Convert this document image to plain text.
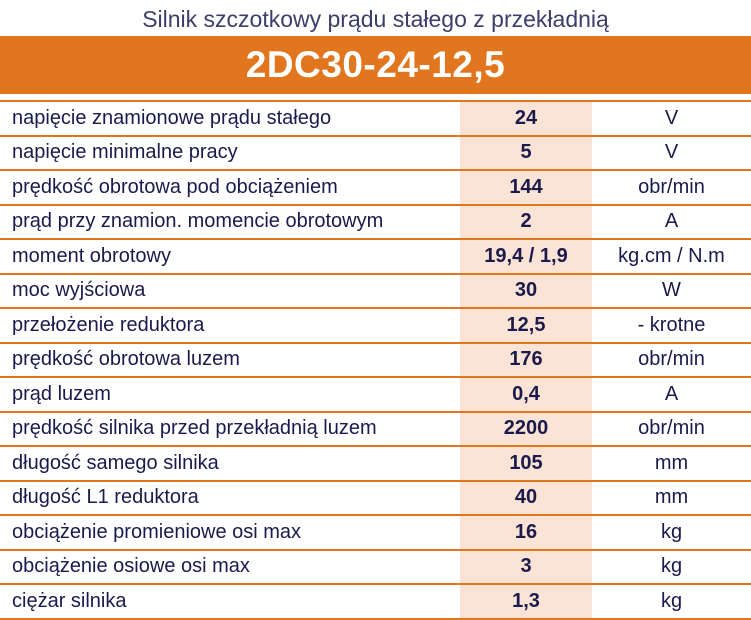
Silnik szczotkowy prądu stałego z przekładnią
2DC30-24-12,5
napięcie znamionowe prądu stałego	24	V
napięcie minimalne pracy	5	V
prędkość obrotowa pod obciążeniem	144	obr/min
prąd przy znamion. momencie obrotowym	2	A
moment obrotowy	19,4 / 1,9	kg.cm / N.m
moc wyjściowa	30	W
przełożenie reduktora	12,5	- krotne
prędkość obrotowa luzem	176	obr/min
prąd luzem	0,4	A
prędkość silnika przed przekładnią luzem	2200	obr/min
długość samego silnika	105	mm
długość L1 reduktora	40	mm
obciążenie promieniowe osi max	16	kg
obciążenie osiowe osi max	3	kg
ciężar silnika	1,3	kg
